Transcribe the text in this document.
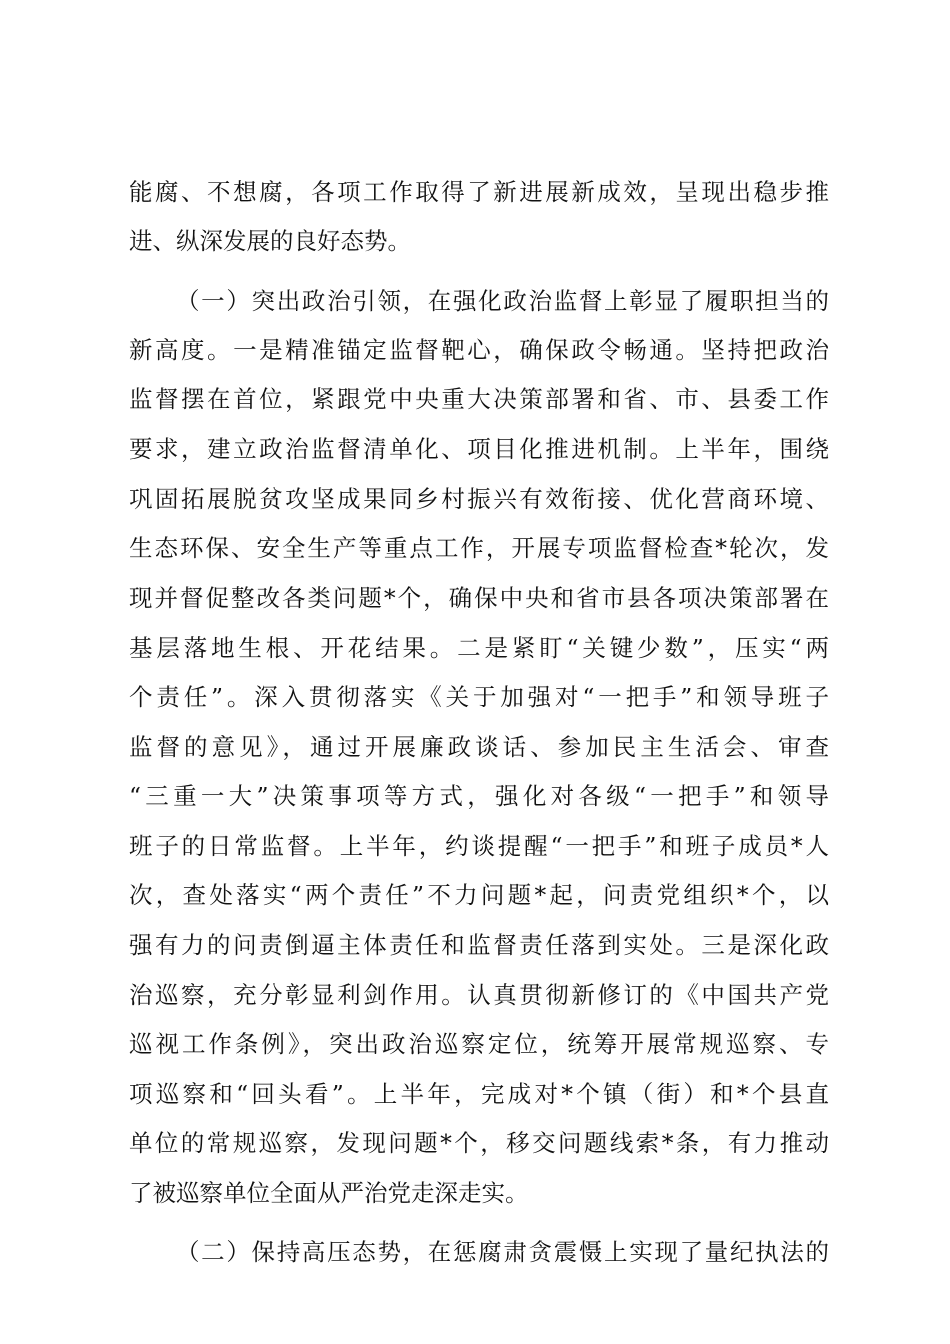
能腐、不想腐，各项工作取得了新进展新成效，呈现出稳步推
进、纵深发展的良好态势。
（一）突出政治引领，在强化政治监督上彰显了履职担当的
新高度。一是精准锚定监督靶心，确保政令畅通。坚持把政治
监督摆在首位，紧跟党中央重大决策部署和省、市、县委工作
要求，建立政治监督清单化、项目化推进机制。上半年，围绕
巩固拓展脱贫攻坚成果同乡村振兴有效衔接、优化营商环境、
生态环保、安全生产等重点工作，开展专项监督检查*轮次，发
现并督促整改各类问题*个，确保中央和省市县各项决策部署在
基层落地生根、开花结果。二是紧盯“关键少数”，压实“两
个责任”。深入贯彻落实《关于加强对“一把手”和领导班子
监督的意见》，通过开展廉政谈话、参加民主生活会、审查
“三重一大”决策事项等方式，强化对各级“一把手”和领导
班子的日常监督。上半年，约谈提醒“一把手”和班子成员*人
次，查处落实“两个责任”不力问题*起，问责党组织*个，以
强有力的问责倒逼主体责任和监督责任落到实处。三是深化政
治巡察，充分彰显利剑作用。认真贯彻新修订的《中国共产党
巡视工作条例》，突出政治巡察定位，统筹开展常规巡察、专
项巡察和“回头看”。上半年，完成对*个镇（街）和*个县直
单位的常规巡察，发现问题*个，移交问题线索*条，有力推动
了被巡察单位全面从严治党走深走实。
（二）保持高压态势，在惩腐肃贪震慑上实现了量纪执法的
